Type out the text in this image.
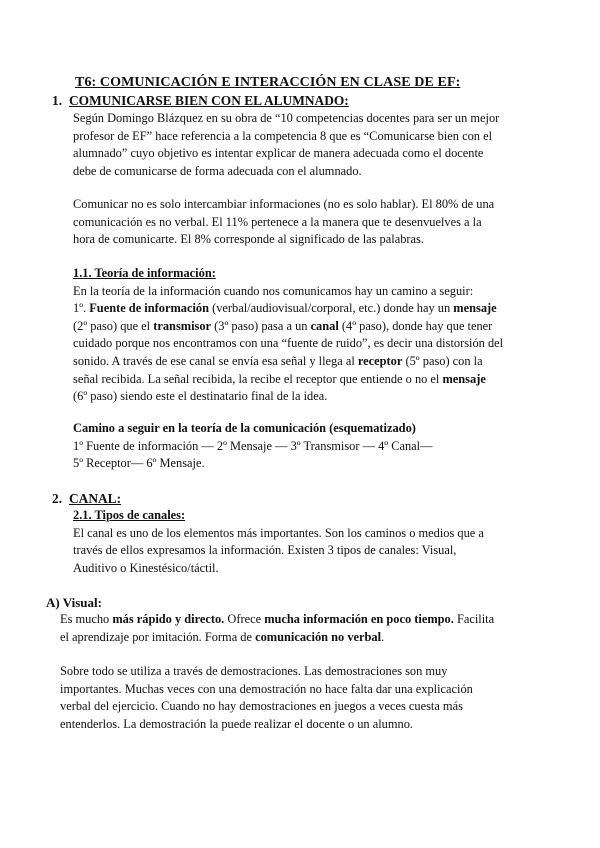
T6: COMUNICACIÓN E INTERACCIÓN EN CLASE DE EF:
1. COMUNICARSE BIEN CON EL ALUMNADO:

Según Domingo Blázquez en su obra de “10 competencias docentes para ser un mejor

profesor de EF” hace referencia a la competencia 8 que es “Comunicarse bien con el

alumnado” cuyo objetivo es intentar explicar de manera adecuada como el docente

debe de comunicarse de forma adecuada con el alumnado.

Comunicar no es solo intercambiar informaciones (no es solo hablar). El 80% de una

comunicación es no verbal. El 11% pertenece a la manera que te desenvuelves a la

hora de comunicarte. El 8% corresponde al significado de las palabras.

1.1. Teoría de información:

En la teoría de la información cuando nos comunicamos hay un camino a seguir:

1º. Fuente de información (verbal/audiovisual/corporal, etc.) donde hay un mensaje

(2º paso) que el transmisor (3º paso) pasa a un canal (4º paso), donde hay que tener

cuidado porque nos encontramos con una “fuente de ruido”, es decir una distorsión del

sonido. A través de ese canal se envía esa señal y llega al receptor (5º paso) con la

señal recibida. La señal recibida, la recibe el receptor que entiende o no el mensaje

(6º paso) siendo este el destinatario final de la idea.

Camino a seguir en la teoría de la comunicación (esquematizado)

1º Fuente de información — 2º Mensaje — 3º Transmisor — 4º Canal—

5º Receptor— 6º Mensaje.

2. CANAL:

2.1. Tipos de canales:

El canal es uno de los elementos más importantes. Son los caminos o medios que a

través de ellos expresamos la información. Existen 3 tipos de canales: Visual,

Auditivo o Kinestésico/táctil.

A) Visual:

Es mucho más rápido y directo. Ofrece mucha información en poco tiempo. Facilita

el aprendizaje por imitación. Forma de comunicación no verbal.

Sobre todo se utiliza a través de demostraciones. Las demostraciones son muy

importantes. Muchas veces con una demostración no hace falta dar una explicación

verbal del ejercicio. Cuando no hay demostraciones en juegos a veces cuesta más

entenderlos. La demostración la puede realizar el docente o un alumno.
